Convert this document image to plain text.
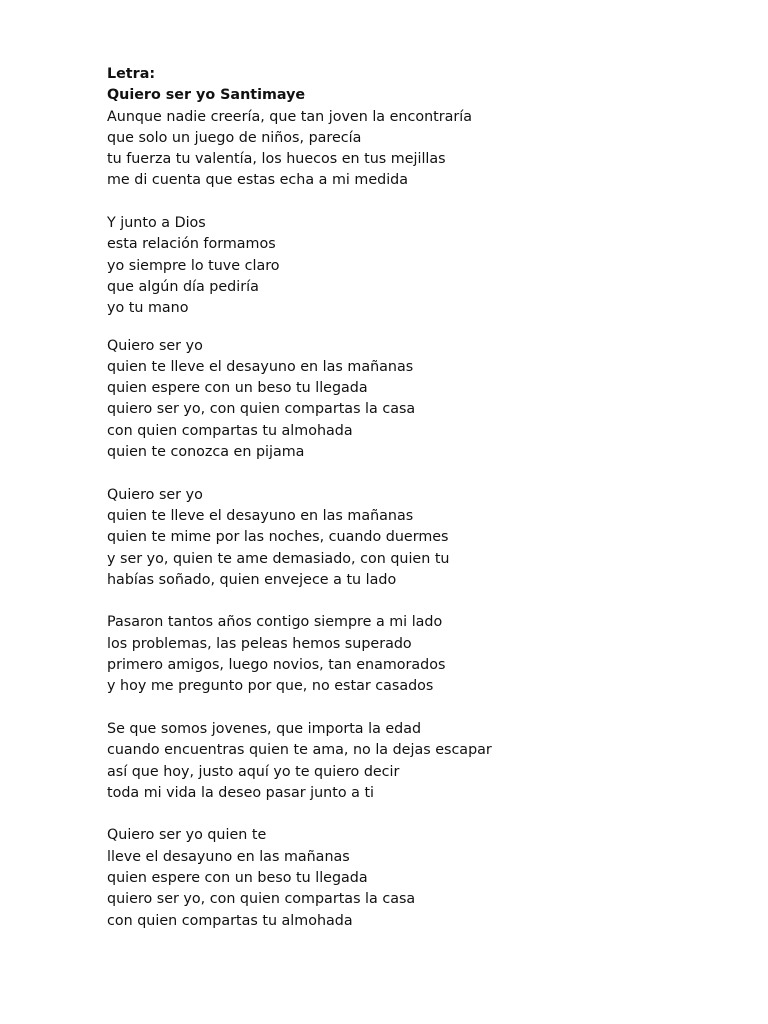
Letra:
Quiero ser yo Santimaye
Aunque nadie creería, que tan joven la encontraría
que solo un juego de niños, parecía
tu fuerza tu valentía, los huecos en tus mejillas
me di cuenta que estas echa a mi medida
Y junto a Dios
esta relación formamos
yo siempre lo tuve claro
que algún día pediría
yo tu mano
Quiero ser yo
quien te lleve el desayuno en las mañanas
quien espere con un beso tu llegada
quiero ser yo, con quien compartas la casa
con quien compartas tu almohada
quien te conozca en pijama
Quiero ser yo
quien te lleve el desayuno en las mañanas
quien te mime por las noches, cuando duermes
y ser yo, quien te ame demasiado, con quien tu
habías soñado, quien envejece a tu lado
Pasaron tantos años contigo siempre a mi lado
los problemas, las peleas hemos superado
primero amigos, luego novios, tan enamorados
y hoy me pregunto por que, no estar casados
Se que somos jovenes, que importa la edad
cuando encuentras quien te ama, no la dejas escapar
así que hoy, justo aquí yo te quiero decir
toda mi vida la deseo pasar junto a ti
Quiero ser yo quien te
lleve el desayuno en las mañanas
quien espere con un beso tu llegada
quiero ser yo, con quien compartas la casa
con quien compartas tu almohada
